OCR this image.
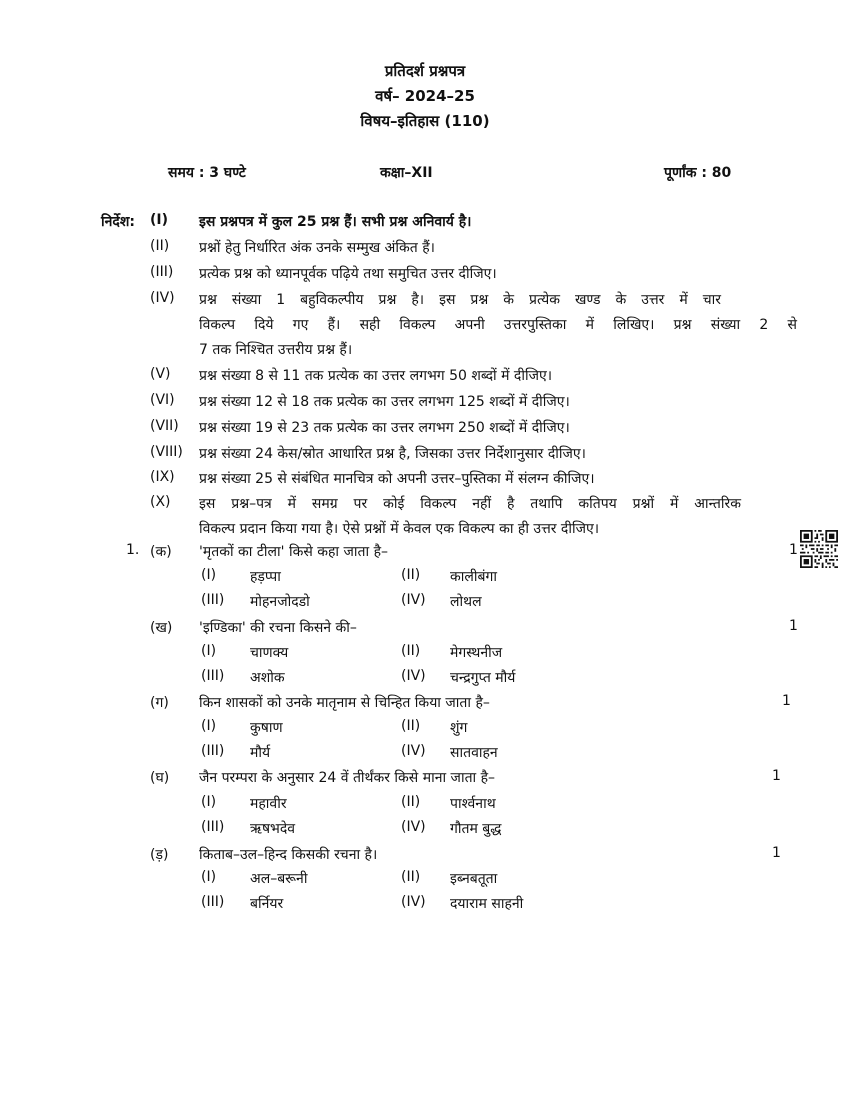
प्रतिदर्श प्रश्नपत्र
वर्ष– 2024–25
विषय–इतिहास (110)
समय : 3 घण्टे	कक्षा–XII	पूर्णांक : 80
निर्देश: (I) इस प्रश्नपत्र में कुल 25 प्रश्न हैं। सभी प्रश्न अनिवार्य है।
(II) प्रश्नों हेतु निर्धारित अंक उनके सम्मुख अंकित हैं।
(III) प्रत्येक प्रश्न को ध्यानपूर्वक पढ़िये तथा समुचित उत्तर दीजिए।
(IV) प्रश्न संख्या 1 बहुविकल्पीय प्रश्न है। इस प्रश्न के प्रत्येक खण्ड के उत्तर में चार
विकल्प दिये गए हैं। सही विकल्प अपनी उत्तरपुस्तिका में लिखिए। प्रश्न संख्या 2 से
7 तक निश्चित उत्तरीय प्रश्न हैं।
(V) प्रश्न संख्या 8 से 11 तक प्रत्येक का उत्तर लगभग 50 शब्दों में दीजिए।
(VI) प्रश्न संख्या 12 से 18 तक प्रत्येक का उत्तर लगभग 125 शब्दों में दीजिए।
(VII) प्रश्न संख्या 19 से 23 तक प्रत्येक का उत्तर लगभग 250 शब्दों में दीजिए।
(VIII) प्रश्न संख्या 24 केस/स्रोत आधारित प्रश्न है, जिसका उत्तर निर्देशानुसार दीजिए।
(IX) प्रश्न संख्या 25 से संबंधित मानचित्र को अपनी उत्तर–पुस्तिका में संलग्न कीजिए।
(X) इस प्रश्न–पत्र में समग्र पर कोई विकल्प नहीं है तथापि कतिपय प्रश्नों में आन्तरिक
विकल्प प्रदान किया गया है। ऐसे प्रश्नों में केवल एक विकल्प का ही उत्तर दीजिए।
1. (क) 'मृतकों का टीला' किसे कहा जाता है–	1
(I) हड़प्पा	(II) कालीबंगा
(III) मोहनजोदडो	(IV) लोथल
(ख) 'इण्डिका' की रचना किसने की–	1
(I) चाणक्य	(II) मेगस्थनीज
(III) अशोक	(IV) चन्द्रगुप्त मौर्य
(ग) किन शासकों को उनके मातृनाम से चिन्हित किया जाता है–	1
(I) कुषाण	(II) शुंग
(III) मौर्य	(IV) सातवाहन
(घ) जैन परम्परा के अनुसार 24 वें तीर्थंकर किसे माना जाता है–	1
(I) महावीर	(II) पार्श्वनाथ
(III) ऋषभदेव	(IV) गौतम बुद्ध
(ड़) किताब–उल–हिन्द किसकी रचना है।	1
(I) अल–बरूनी	(II) इब्नबतूता
(III) बर्नियर	(IV) दयाराम साहनी
